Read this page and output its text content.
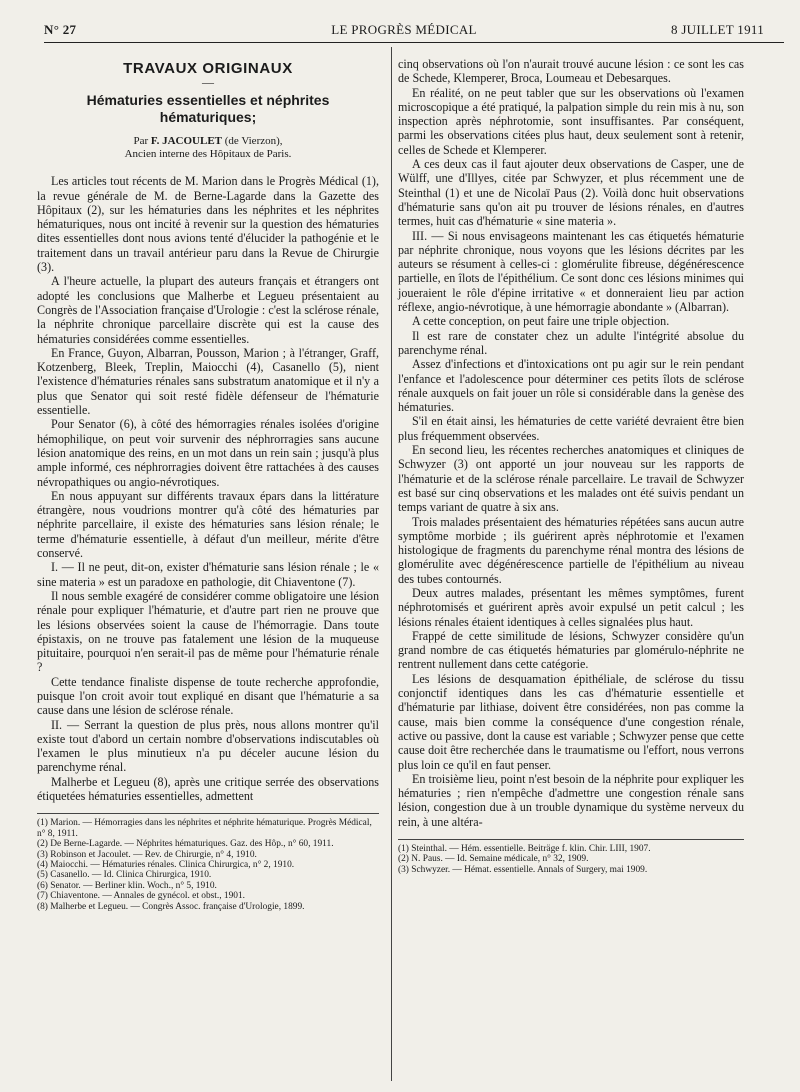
N° 27	LE PROGRÈS MÉDICAL	8 JUILLET 1911
TRAVAUX ORIGINAUX
—
Hématuries essentielles et néphrites hématuriques;
Par F. JACOULET (de Vierzon),
Ancien interne des Hôpitaux de Paris.

Les articles tout récents de M. Marion dans le Progrès Médical (1), la revue générale de M. de Berne-Lagarde dans la Gazette des Hôpitaux (2), sur les hématuries dans les néphrites et les néphrites hématuriques, nous ont incité à revenir sur la question des hématuries dites essentielles dont nous avions tenté d'élucider la pathogénie et le traitement dans un travail antérieur paru dans la Revue de Chirurgie (3).

A l'heure actuelle, la plupart des auteurs français et étrangers ont adopté les conclusions que Malherbe et Legueu présentaient au Congrès de l'Association française d'Urologie : c'est la sclérose rénale, la néphrite chronique parcellaire discrète qui est la cause des hématuries considérées comme essentielles.

En France, Guyon, Albarran, Pousson, Marion ; à l'étranger, Graff, Kotzenberg, Bleek, Treplin, Maiocchi (4), Casanello (5), nient l'existence d'hématuries rénales sans substratum anatomique et il n'y a plus que Senator qui soit resté fidèle défenseur de l'hématurie essentielle.

Pour Senator (6), à côté des hémorragies rénales isolées d'origine hémophilique, on peut voir survenir des néphrorragies sans aucune lésion anatomique des reins, en un mot dans un rein sain ; jusqu'à plus ample informé, ces néphrorragies doivent être rattachées à des causes névropathiques ou angio-névrotiques.

En nous appuyant sur différents travaux épars dans la littérature étrangère, nous voudrions montrer qu'à côté des hématuries par néphrite parcellaire, il existe des hématuries sans lésion rénale; le terme d'hématurie essentielle, à défaut d'un meilleur, mérite d'être conservé.

I. — Il ne peut, dit-on, exister d'hématurie sans lésion rénale ; le « sine materia » est un paradoxe en pathologie, dit Chiaventone (7).

Il nous semble exagéré de considérer comme obligatoire une lésion rénale pour expliquer l'hématurie, et d'autre part rien ne prouve que les lésions observées soient la cause de l'hémorragie. Dans toute épistaxis, on ne trouve pas fatalement une lésion de la muqueuse pituitaire, pourquoi n'en serait-il pas de même pour l'hématurie rénale ?

Cette tendance finaliste dispense de toute recherche approfondie, puisque l'on croit avoir tout expliqué en disant que l'hématurie a sa cause dans une lésion de sclérose rénale.

II. — Serrant la question de plus près, nous allons montrer qu'il existe tout d'abord un certain nombre d'observations indiscutables où l'examen le plus minutieux n'a pu déceler aucune lésion du parenchyme rénal.

Malherbe et Legueu (8), après une critique serrée des observations étiquetées hématuries essentielles, admettent

(1) Marion. — Hémorragies dans les néphrites et néphrite hématurique. Progrès Médical, n° 8, 1911.

(2) De Berne-Lagarde. — Néphrites hématuriques. Gaz. des Hôp., n° 60, 1911.

(3) Robinson et Jacoulet. — Rev. de Chirurgie, n° 4, 1910.

(4) Maiocchi. — Hématuries rénales. Clinica Chirurgica, n° 2, 1910.

(5) Casanello. — Id. Clinica Chirurgica, 1910.

(6) Senator. — Berliner klin. Woch., n° 5, 1910.

(7) Chiaventone. — Annales de gynécol. et obst., 1901.

(8) Malherbe et Legueu. — Congrès Assoc. française d'Urologie, 1899.

cinq observations où l'on n'aurait trouvé aucune lésion : ce sont les cas de Schede, Klemperer, Broca, Loumeau et Debesarques.

En réalité, on ne peut tabler que sur les observations où l'examen microscopique a été pratiqué, la palpation simple du rein mis à nu, son inspection après néphrotomie, sont insuffisantes. Par conséquent, parmi les observations citées plus haut, deux seulement sont à retenir, celles de Schede et Klemperer.

A ces deux cas il faut ajouter deux observations de Casper, une de Wülff, une d'Illyes, citée par Schwyzer, et plus récemment une de Steinthal (1) et une de Nicolaï Paus (2). Voilà donc huit observations d'hématurie sans qu'on ait pu trouver de lésions rénales, en d'autres termes, huit cas d'hématurie « sine materia ».

III. — Si nous envisageons maintenant les cas étiquetés hématurie par néphrite chronique, nous voyons que les lésions décrites par les auteurs se résument à celles-ci : glomérulite fibreuse, dégénérescence partielle, en îlots de l'épithélium. Ce sont donc ces lésions minimes qui joueraient le rôle d'épine irritative « et donneraient lieu par action réflexe, angio-névrotique, à une hémorragie abondante » (Albarran).

A cette conception, on peut faire une triple objection.

Il est rare de constater chez un adulte l'intégrité absolue du parenchyme rénal.

Assez d'infections et d'intoxications ont pu agir sur le rein pendant l'enfance et l'adolescence pour déterminer ces petits îlots de sclérose rénale auxquels on fait jouer un rôle si considérable dans la genèse des hématuries.

S'il en était ainsi, les hématuries de cette variété devraient être bien plus fréquemment observées.

En second lieu, les récentes recherches anatomiques et cliniques de Schwyzer (3) ont apporté un jour nouveau sur les rapports de l'hématurie et de la sclérose rénale parcellaire. Le travail de Schwyzer est basé sur cinq observations et les malades ont été suivis pendant un temps variant de quatre à six ans.

Trois malades présentaient des hématuries répétées sans aucun autre symptôme morbide ; ils guérirent après néphrotomie et l'examen histologique de fragments du parenchyme rénal montra des lésions de glomérulite avec dégénérescence partielle de l'épithélium au niveau des tubes contournés.

Deux autres malades, présentant les mêmes symptômes, furent néphrotomisés et guérirent après avoir expulsé un petit calcul ; les lésions rénales étaient identiques à celles signalées plus haut.

Frappé de cette similitude de lésions, Schwyzer considère qu'un grand nombre de cas étiquetés hématuries par glomérulo-néphrite ne rentrent nullement dans cette catégorie.

Les lésions de desquamation épithéliale, de sclérose du tissu conjonctif identiques dans les cas d'hématurie essentielle et d'hématurie par lithiase, doivent être considérées, non pas comme la cause, mais bien comme la conséquence d'une congestion rénale, active ou passive, dont la cause est variable ; Schwyzer pense que cette cause doit être recherchée dans le traumatisme ou l'effort, nous verrons plus loin ce qu'il en faut penser.

En troisième lieu, point n'est besoin de la néphrite pour expliquer les hématuries ; rien n'empêche d'admettre une congestion rénale sans lésion, congestion due à un trouble dynamique du système nerveux du rein, à une altéra-

(1) Steinthal. — Hém. essentielle. Beiträge f. klin. Chir. LIII, 1907.

(2) N. Paus. — Id. Semaine médicale, n° 32, 1909.

(3) Schwyzer. — Hémat. essentielle. Annals of Surgery, mai 1909.
